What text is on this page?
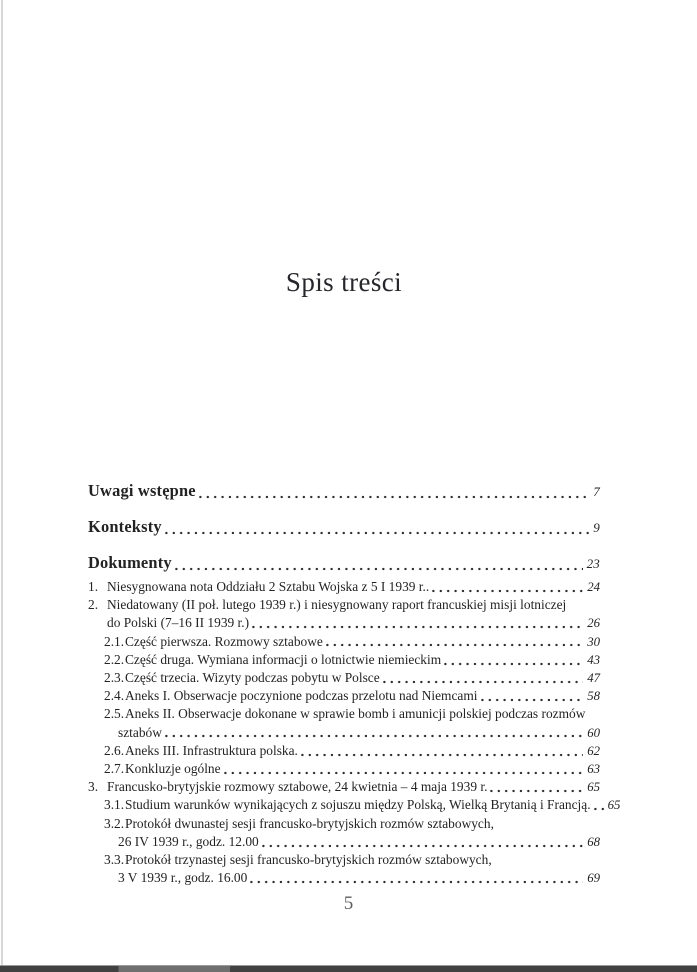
Spis treści
Uwagi wstępne	7
Konteksty	9
Dokumenty	23
1. Niesygnowana nota Oddziału 2 Sztabu Wojska z 5 I 1939 r..	24
2. Niedatowany (II poł. lutego 1939 r.) i niesygnowany raport francuskiej misji lotniczej
do Polski (7–16 II 1939 r.)	26
2.1. Część pierwsza. Rozmowy sztabowe	30
2.2. Część druga. Wymiana informacji o lotnictwie niemieckim	43
2.3. Część trzecia. Wizyty podczas pobytu w Polsce	47
2.4. Aneks I. Obserwacje poczynione podczas przelotu nad Niemcami	58
2.5. Aneks II. Obserwacje dokonane w sprawie bomb i amunicji polskiej podczas rozmów
sztabów	60
2.6. Aneks III. Infrastruktura polska.	62
2.7. Konkluzje ogólne	63
3. Francusko-brytyjskie rozmowy sztabowe, 24 kwietnia – 4 maja 1939 r.	65
3.1. Studium warunków wynikających z sojuszu między Polską, Wielką Brytanią i Francją. 65
3.2. Protokół dwunastej sesji francusko-brytyjskich rozmów sztabowych,
26 IV 1939 r., godz. 12.00	68
3.3. Protokół trzynastej sesji francusko-brytyjskich rozmów sztabowych,
3 V 1939 r., godz. 16.00	69
5
